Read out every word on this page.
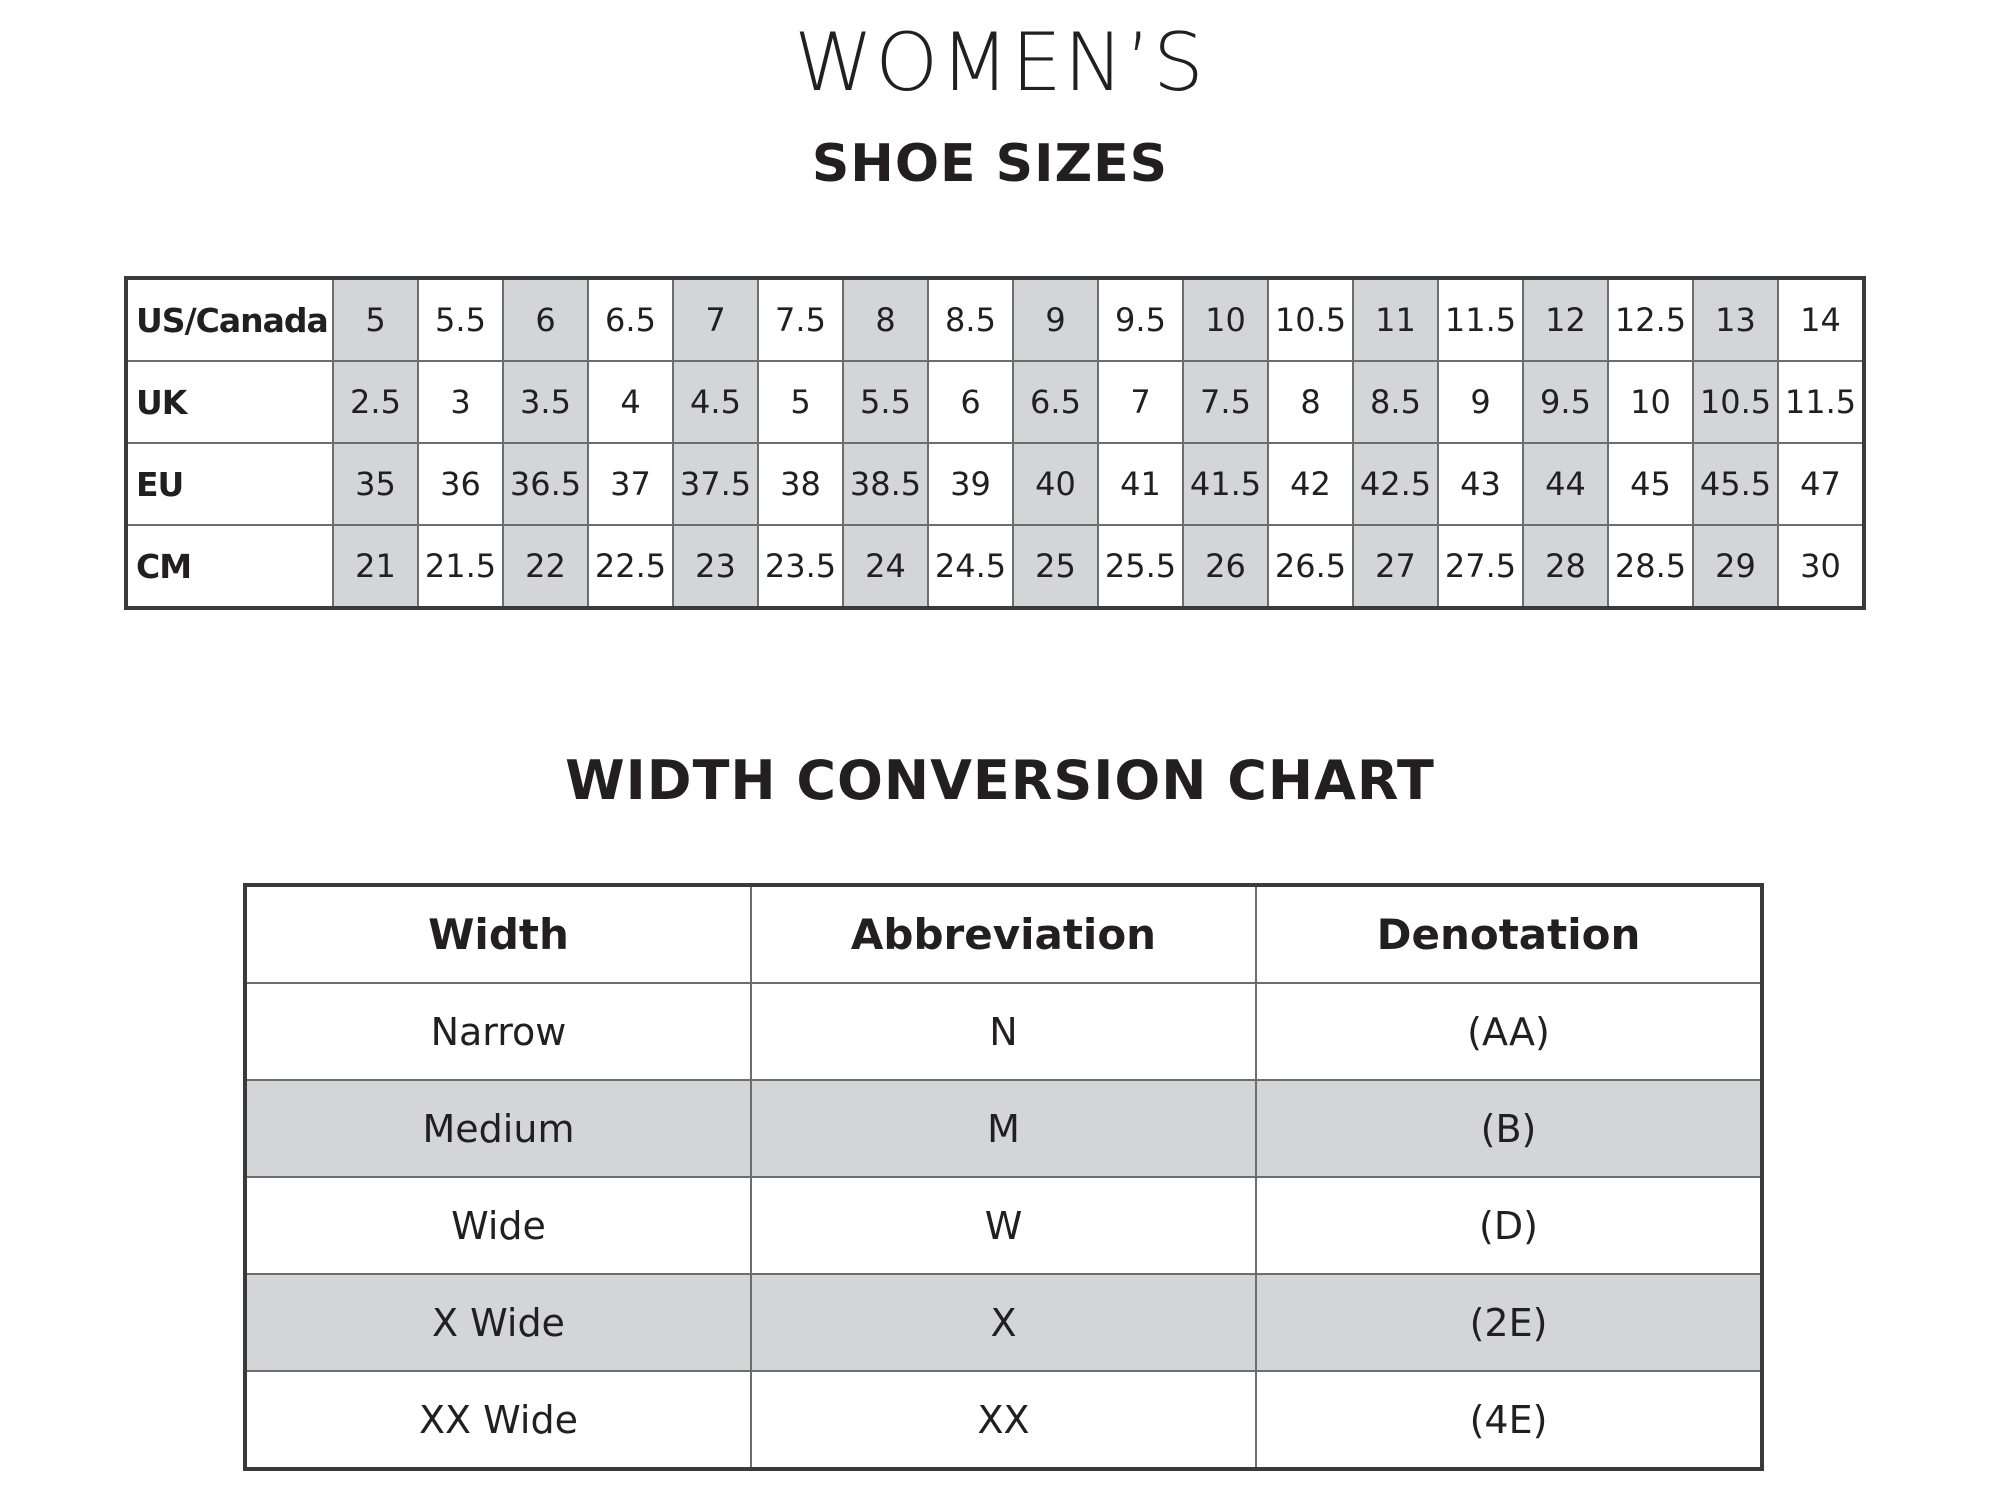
WOMEN’S
SHOE SIZES
US/Canada	5	5.5	6	6.5	7	7.5	8	8.5	9	9.5	10	10.5	11	11.5	12	12.5	13	14
UK	2.5	3	3.5	4	4.5	5	5.5	6	6.5	7	7.5	8	8.5	9	9.5	10	10.5	11.5
EU	35	36	36.5	37	37.5	38	38.5	39	40	41	41.5	42	42.5	43	44	45	45.5	47
CM	21	21.5	22	22.5	23	23.5	24	24.5	25	25.5	26	26.5	27	27.5	28	28.5	29	30
WIDTH CONVERSION CHART
Width	Abbreviation	Denotation
Narrow	N	(AA)
Medium	M	(B)
Wide	W	(D)
X Wide	X	(2E)
XX Wide	XX	(4E)
